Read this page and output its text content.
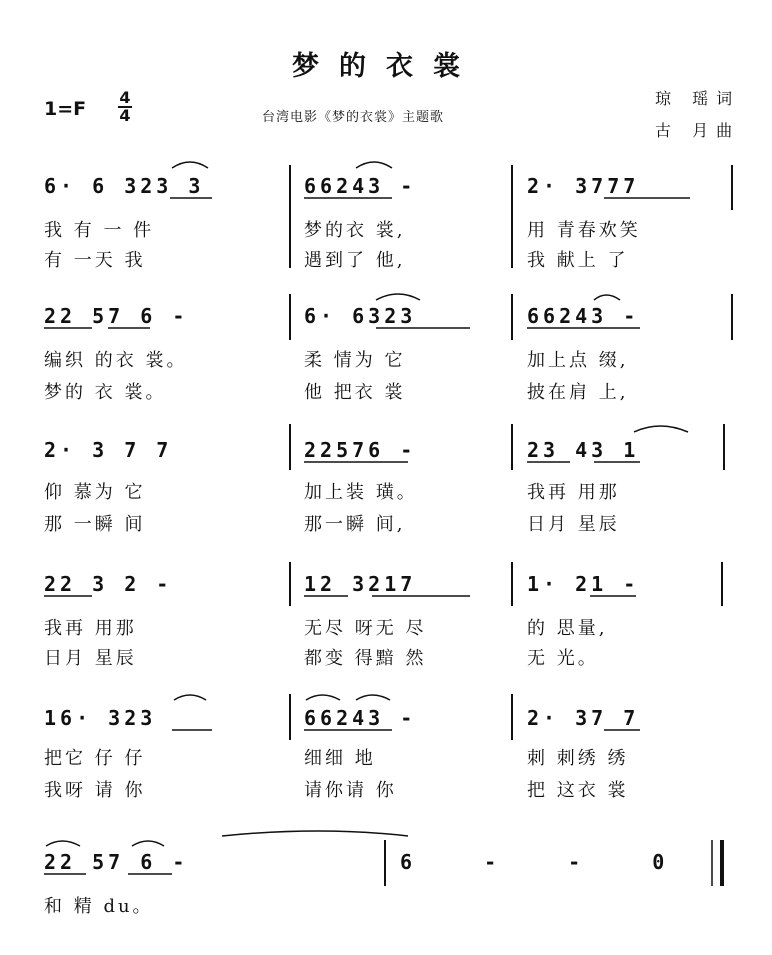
梦的衣裳
1=F
4
4	台湾电影《梦的衣裳》主题歌
琼 瑶词
古 月曲
6· 6 323 3	66243 -	2· 3777
我 有 一 件	梦的衣 裳,	用 青春欢笑
有 一天 我	遇到了 他,	我 献上 了
22 57 6 -	6· 6323	66243 -
编织 的衣 裳。	柔 情为 它	加上点 缀,
梦的 衣 裳。	他 把衣 裳	披在肩 上,
2· 3 7 7	22576 -	23 43 1
仰 慕为 它	加上装 璜。	我再 用那
那 一瞬 间	那一瞬 间,	日月 星辰
22 3 2 -	12 3217	1· 21 -
我再 用那	无尽 呀无 尽	的 思量,
日月 星辰	都变 得黯 然	无 光。
16· 323	66243 -	2· 37 7
把它 仔 仔	细细 地	刺 刺绣 绣
我呀 请 你	请你请 你	把 这衣 裳
22 57 6 -	6 - - 0
和 精 du。
